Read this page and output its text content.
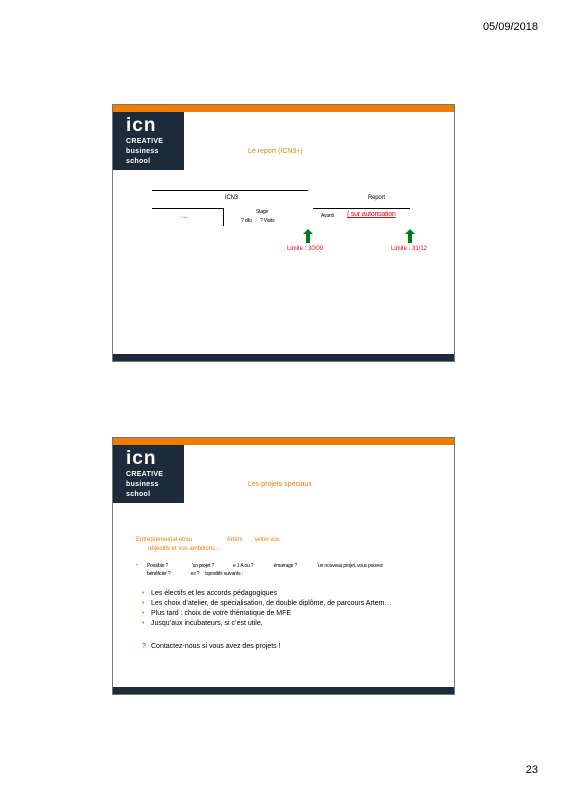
05/09/2018
icn
CREATIVE
business
school
Le report (ICN3+)
ICN3	Report
…
Stage
? ollo ? Visits
Avanti ( sur autorisation
Limite : 30/09	Limite : 31/12
icn
CREATIVE
business
school
Les projets spéciaux
Entrepreneurial et/ou                     Artem     , selon vos
objectifs et vos ambitions…
• Possible ?                    'un projet ?                e 1 A ou ?                 émarrage ?                 'un nouveau projet, vous pouvez
bénéficier ?                 es ?     ispositifs suivants :
• Les électifs et les accords pédagogiques
• Les choix d’atelier, de spécialisation, de double diplôme, de parcours Artem…
• Plus tard : choix de votre thématique de MFE
• Jusqu’aux incubateurs, si c’est utile.
? Contactez-nous si vous avez des projets !
23
